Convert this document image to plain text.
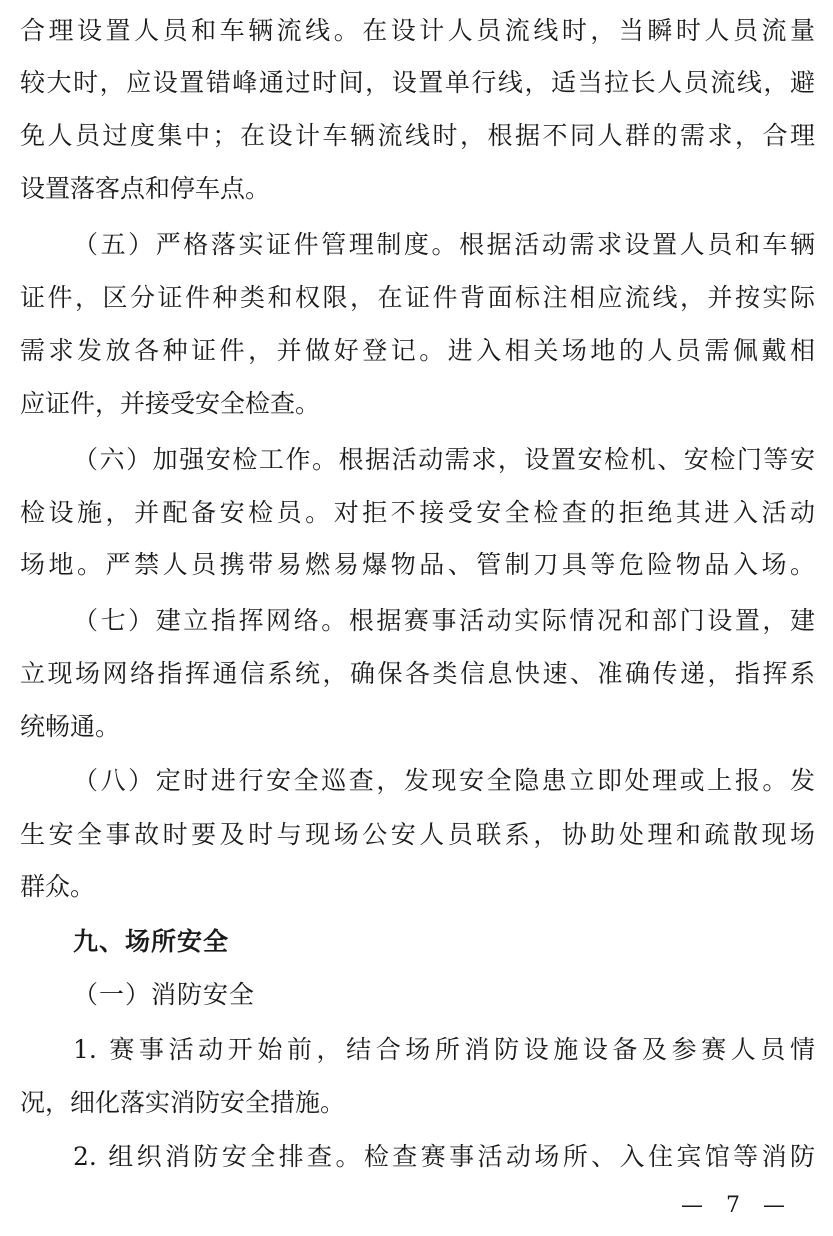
合理设置人员和车辆流线。在设计人员流线时，当瞬时人员流量
较大时，应设置错峰通过时间，设置单行线，适当拉长人员流线，避
免人员过度集中；在设计车辆流线时，根据不同人群的需求，合理
设置落客点和停车点。
（五）严格落实证件管理制度。根据活动需求设置人员和车辆
证件，区分证件种类和权限，在证件背面标注相应流线，并按实际
需求发放各种证件，并做好登记。进入相关场地的人员需佩戴相
应证件，并接受安全检查。
（六）加强安检工作。根据活动需求，设置安检机、安检门等安
检设施，并配备安检员。对拒不接受安全检查的拒绝其进入活动
场地。严禁人员携带易燃易爆物品、管制刀具等危险物品入场。
（七）建立指挥网络。根据赛事活动实际情况和部门设置，建
立现场网络指挥通信系统，确保各类信息快速、准确传递，指挥系
统畅通。
（八）定时进行安全巡查，发现安全隐患立即处理或上报。发
生安全事故时要及时与现场公安人员联系，协助处理和疏散现场
群众。
九、场所安全
（一）消防安全
1. 赛事活动开始前，结合场所消防设施设备及参赛人员情
况，细化落实消防安全措施。
2. 组织消防安全排查。检查赛事活动场所、入住宾馆等消防
— 7 —
